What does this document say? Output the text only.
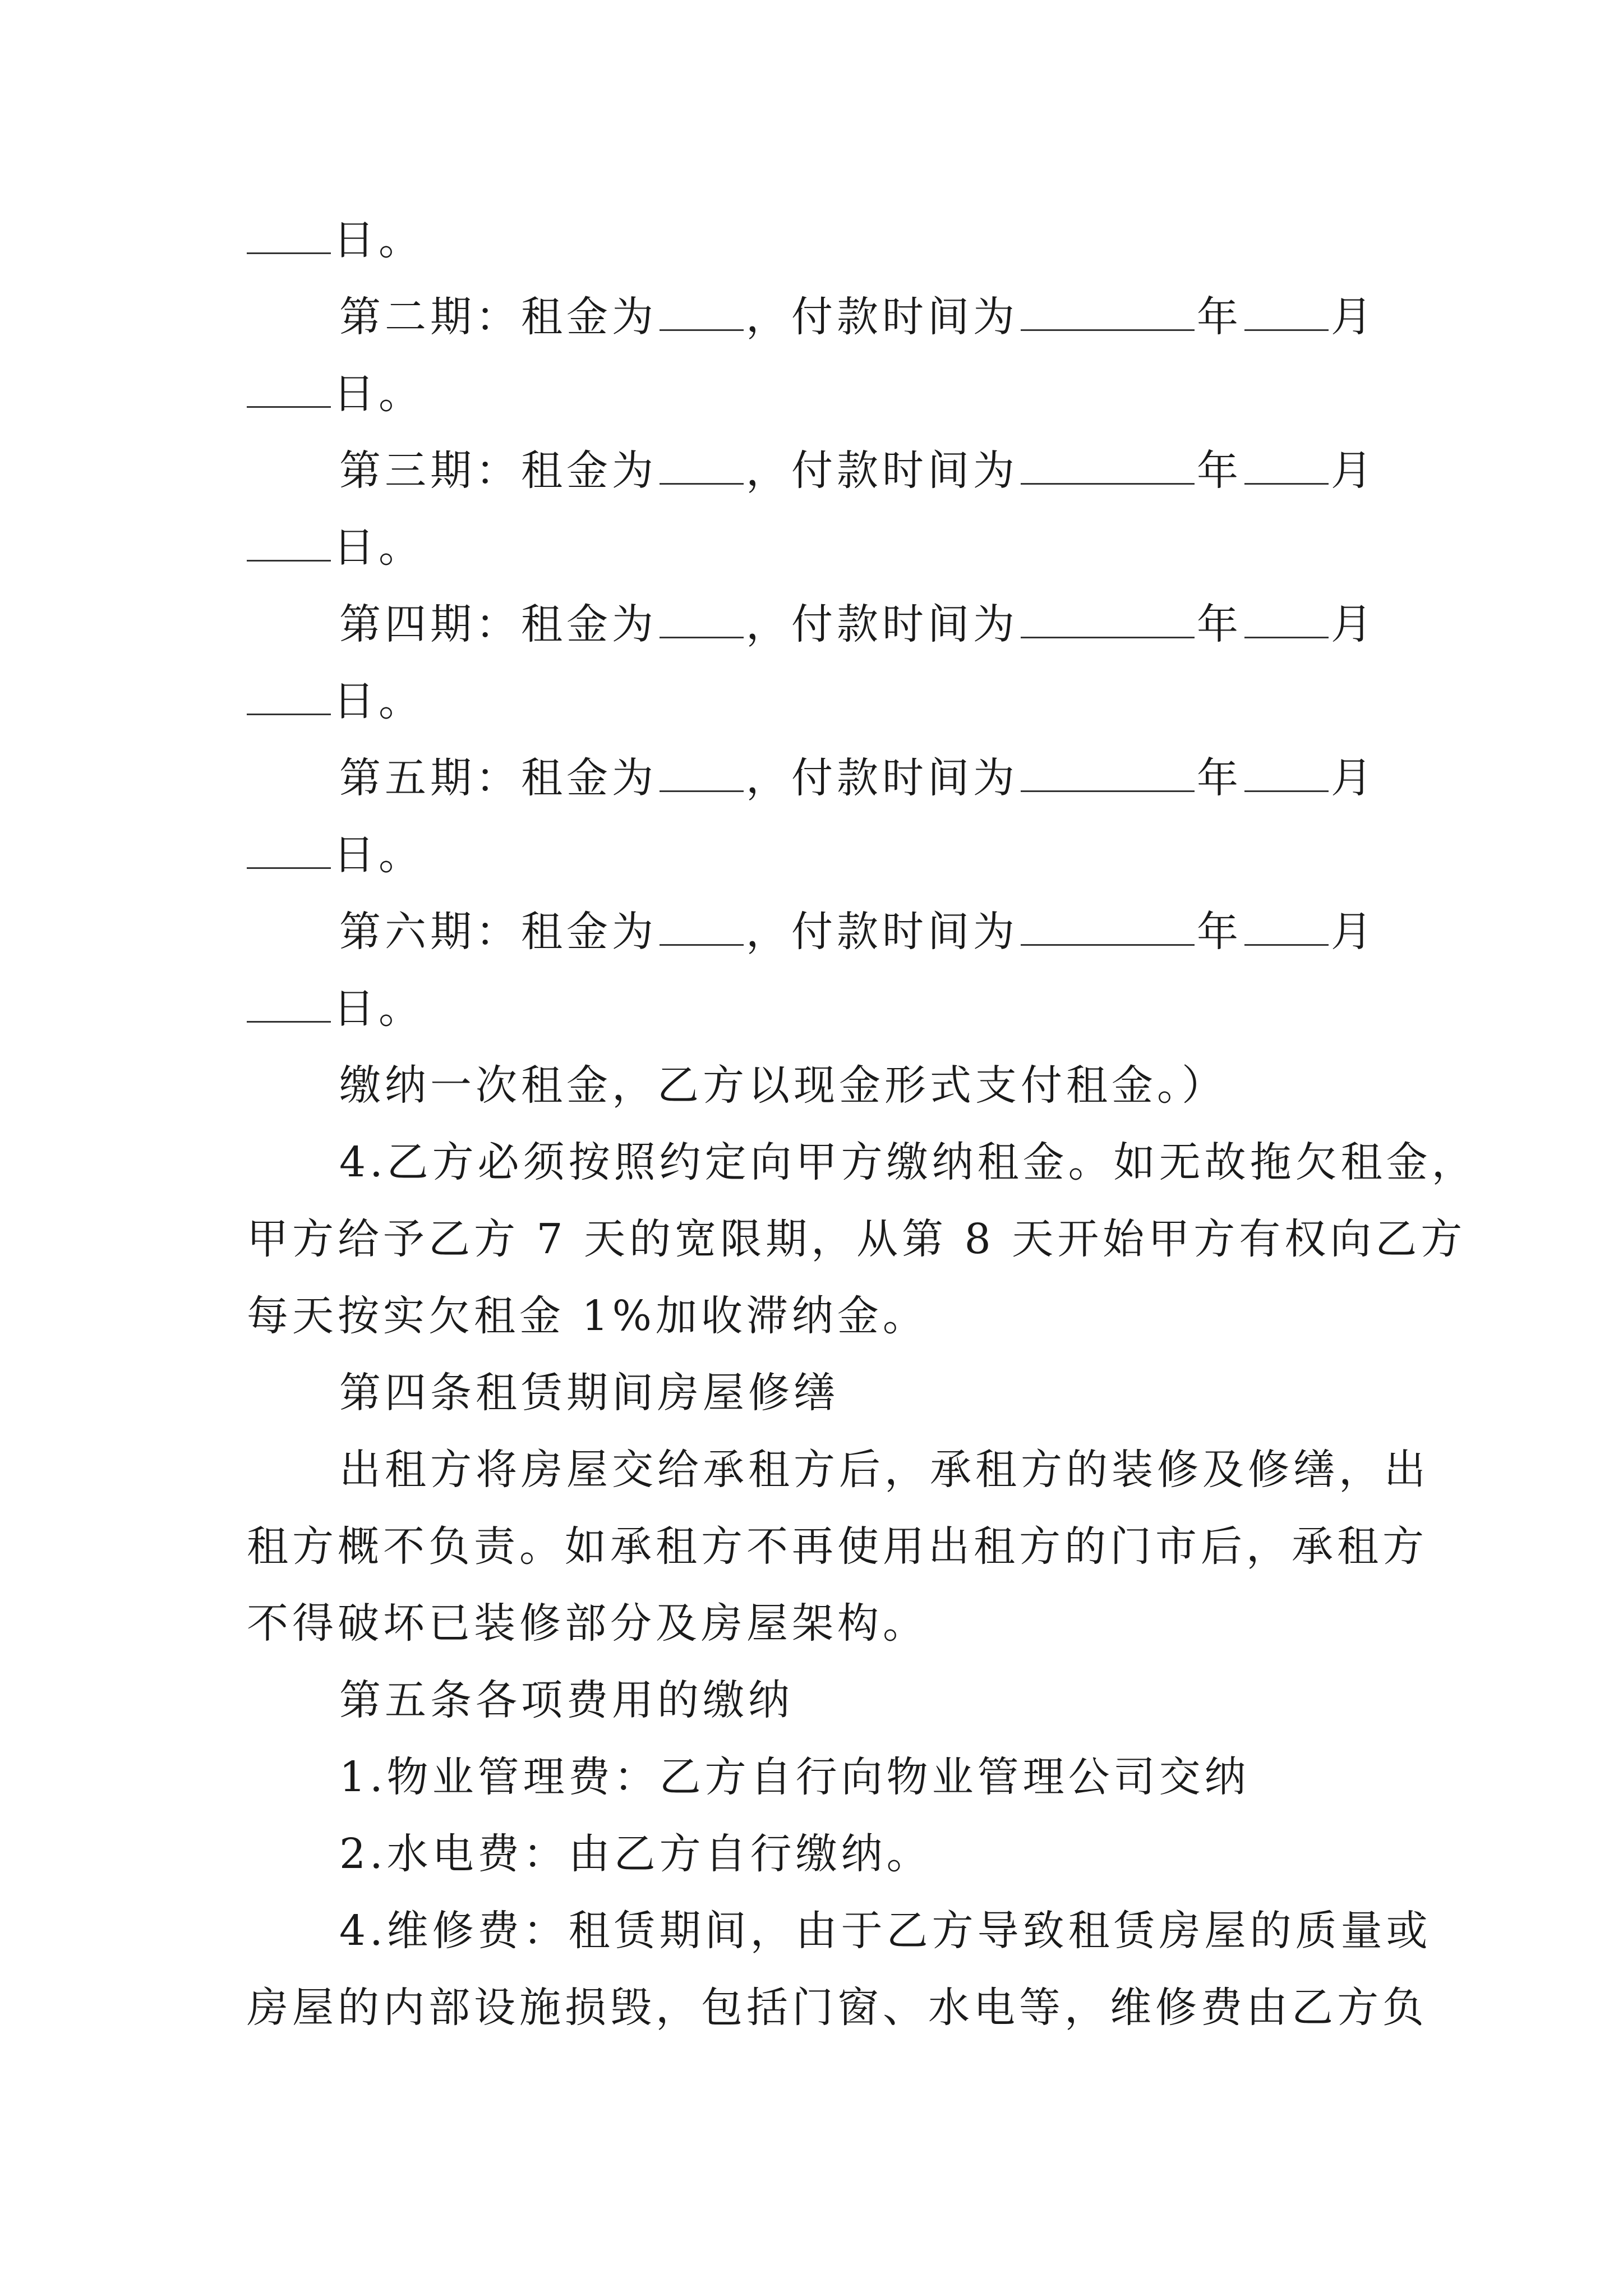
日。

第二期：租金为 ，付款时间为	年 月

日。

第三期：租金为 ，付款时间为	年 月

日。

第四期：租金为 ，付款时间为	年 月

日。

第五期：租金为 ，付款时间为	年 月

日。

第六期：租金为 ，付款时间为	年 月

日。

缴纳一次租金，乙方以现金形式支付租金。）

4.乙方必须按照约定向甲方缴纳租金。如无故拖欠租金，

甲方给予乙方 7 天的宽限期，从第 8 天开始甲方有权向乙方

每天按实欠租金 1%加收滞纳金。

第四条租赁期间房屋修缮

出租方将房屋交给承租方后，承租方的装修及修缮，出

租方概不负责。如承租方不再使用出租方的门市后，承租方

不得破坏已装修部分及房屋架构。

第五条各项费用的缴纳

1.物业管理费：乙方自行向物业管理公司交纳

2.水电费：由乙方自行缴纳。

4.维修费：租赁期间，由于乙方导致租赁房屋的质量或

房屋的内部设施损毁，包括门窗、水电等，维修费由乙方负
